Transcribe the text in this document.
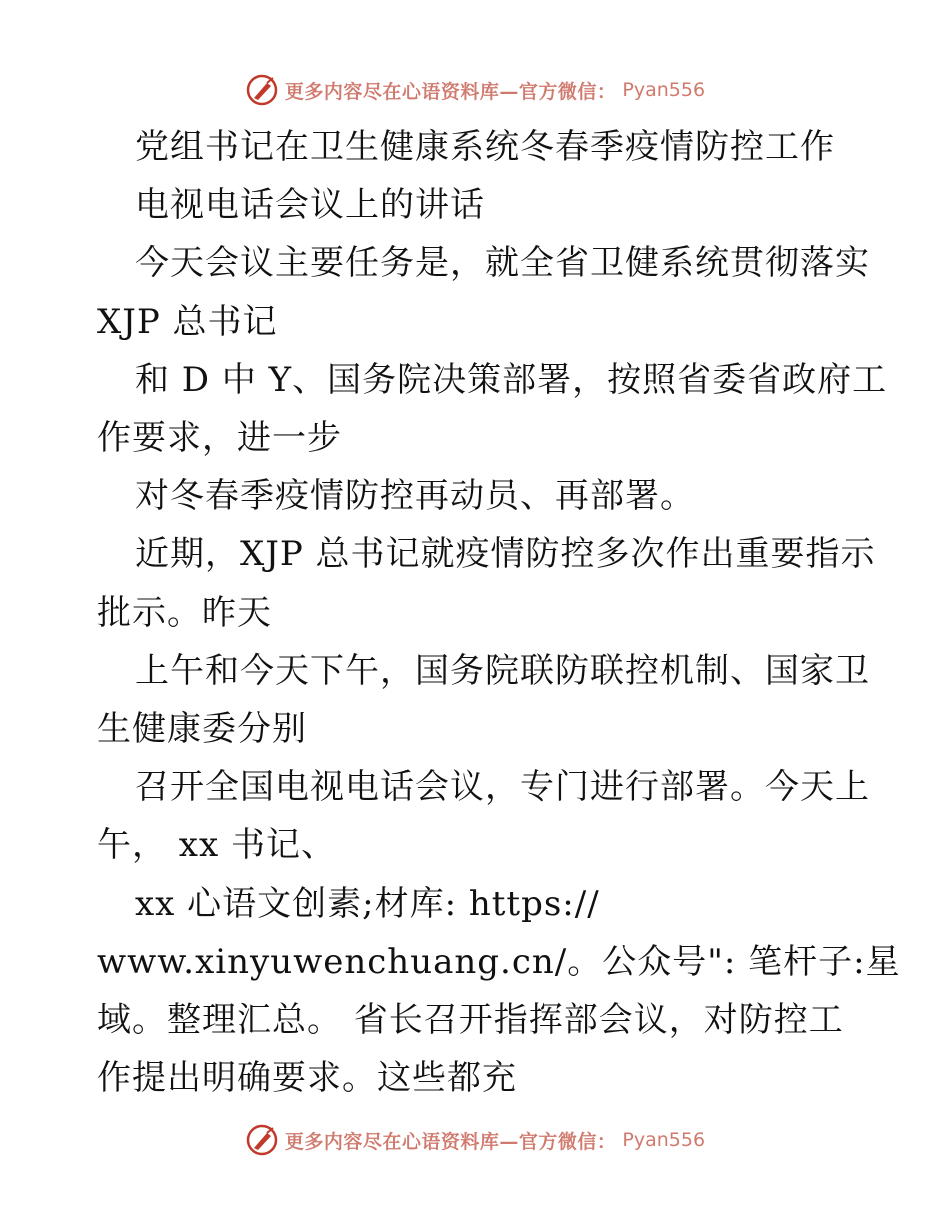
更多内容尽在心语资料库—官方微信： Pyan556
党组书记在卫生健康系统冬春季疫情防控工作
电视电话会议上的讲话
今天会议主要任务是，就全省卫健系统贯彻落实
XJP 总书记
和 D 中 Y、国务院决策部署，按照省委省政府工
作要求，进一步
对冬春季疫情防控再动员、再部署。
近期，XJP 总书记就疫情防控多次作出重要指示
批示。昨天
上午和今天下午，国务院联防联控机制、国家卫
生健康委分别
召开全国电视电话会议，专门进行部署。今天上
午， xx 书记、
xx 心语文创素;材库: https://
www.xinyuwenchuang.cn/。公众号": 笔杆子:星
域。整理汇总。 省长召开指挥部会议，对防控工
作提出明确要求。这些都充
更多内容尽在心语资料库—官方微信： Pyan556
